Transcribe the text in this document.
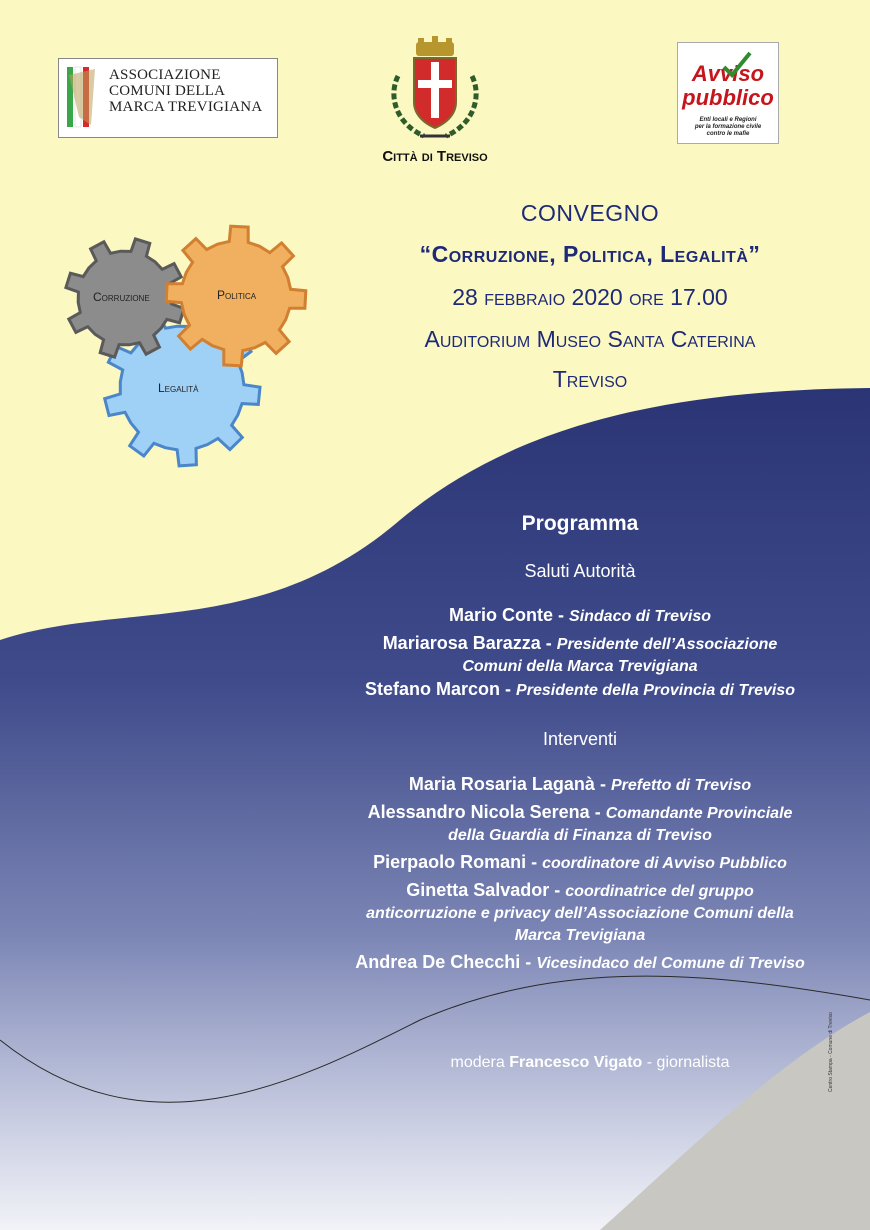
ASSOCIAZIONE
COMUNI DELLA
MARCA TREVIGIANA
Città di Treviso
Avviso
pubblico
Enti locali e Regioni
per la formazione civile
contro le mafie
Corruzione	Politica
Legalità
CONVEGNO
“Corruzione, Politica, Legalità”
28 febbraio 2020 ore 17.00
Auditorium Museo Santa Caterina
Treviso
Programma
Saluti Autorità
Mario Conte - Sindaco di Treviso
Mariarosa Barazza - Presidente dell’Associazione
Comuni della Marca Trevigiana
Stefano Marcon - Presidente della Provincia di Treviso
Interventi
Maria Rosaria Laganà - Prefetto di Treviso
Alessandro Nicola Serena - Comandante Provinciale
della Guardia di Finanza di Treviso
Pierpaolo Romani - coordinatore di Avviso Pubblico
Ginetta Salvador - coordinatrice del gruppo
anticorruzione e privacy dell’Associazione Comuni della
Marca Trevigiana
Andrea De Checchi - Vicesindaco del Comune di Treviso
modera Francesco Vigato - giornalista	Centro Stampa - Comune di Treviso
